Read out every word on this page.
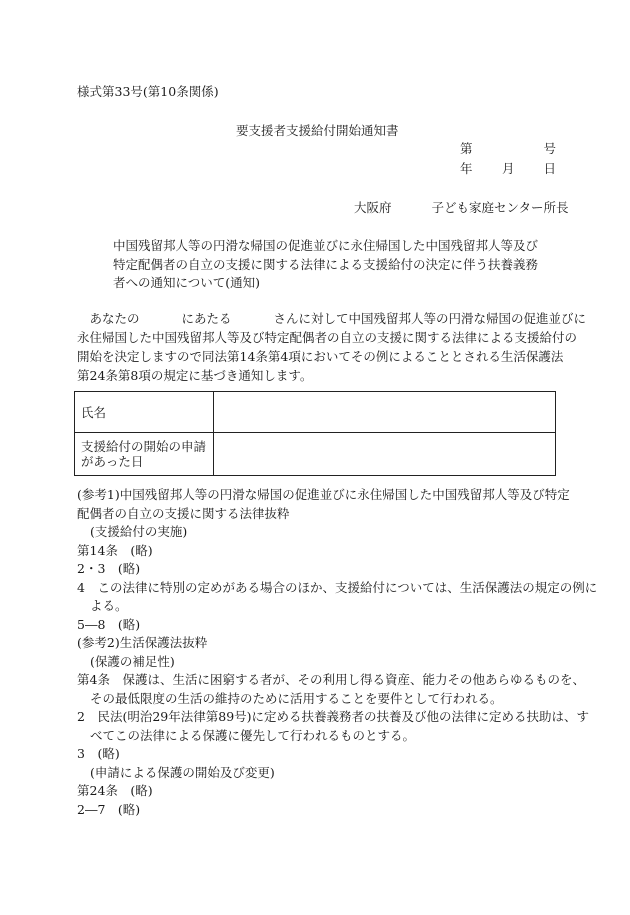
様式第33号(第10条関係)
要支援者支援給付開始通知書
第	号
年 月 日
大阪府	子ども家庭センター所長
中国残留邦人等の円滑な帰国の促進並びに永住帰国した中国残留邦人等及び
特定配偶者の自立の支援に関する法律による支援給付の決定に伴う扶養義務
者への通知について(通知)
　あなたの	にあたる	さんに対して中国残留邦人等の円滑な帰国の促進並びに
永住帰国した中国残留邦人等及び特定配偶者の自立の支援に関する法律による支援給付の
開始を決定しますので同法第14条第4項においてその例によることとされる生活保護法
第24条第8項の規定に基づき通知します。
氏名	

支援給付の開始の申請
があった日	

(参考1)中国残留邦人等の円滑な帰国の促進並びに永住帰国した中国残留邦人等及び特定
配偶者の自立の支援に関する法律抜粋
(支援給付の実施)
第14条　(略)
2・3　(略)
4　この法律に特別の定めがある場合のほか、支援給付については、生活保護法の規定の例に
よる。
5―8　(略)
(参考2)生活保護法抜粋
(保護の補足性)
第4条　保護は、生活に困窮する者が、その利用し得る資産、能力その他あらゆるものを、
その最低限度の生活の維持のために活用することを要件として行われる。
2　民法(明治29年法律第89号)に定める扶養義務者の扶養及び他の法律に定める扶助は、す
べてこの法律による保護に優先して行われるものとする。
3　(略)
(申請による保護の開始及び変更)
第24条　(略)
2―7　(略)
